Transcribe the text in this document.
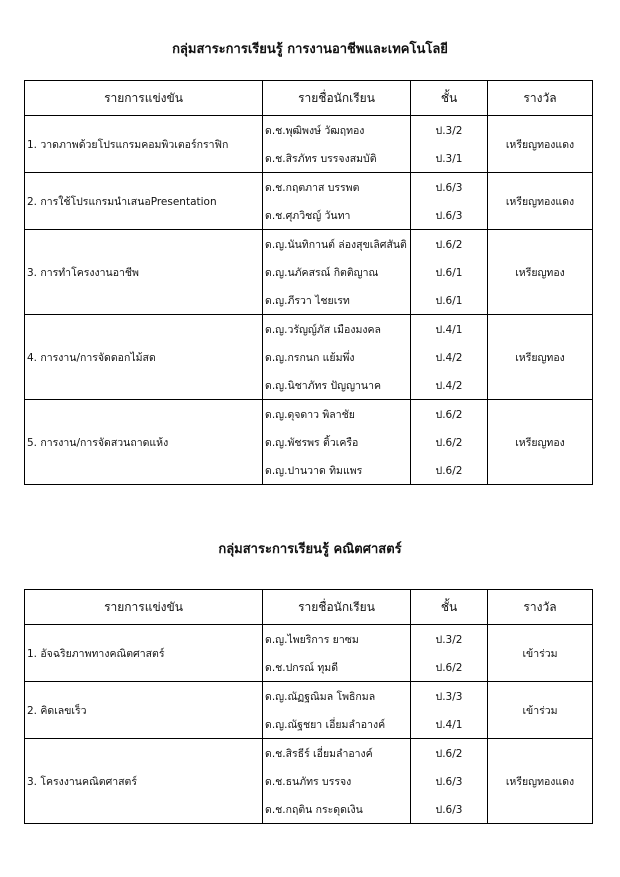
กลุ่มสาระการเรียนรู้ การงานอาชีพและเทคโนโลยี
รายการแข่งขัน	รายชื่อนักเรียน	ชั้น	รางวัล
1. วาดภาพด้วยโปรแกรมคอมพิวเตอร์กราฟิก	ด.ช.พุฒิพงษ์ วัฒฤทอง	ป.3/2	เหรียญทองแดง
	ด.ช.สิรภัทร บรรจงสมบัติ	ป.3/1	
2. การใช้โปรแกรมนำเสนอPresentation	ด.ช.กฤตภาส บรรพต	ป.6/3	เหรียญทองแดง
	ด.ช.ศุภวิชญ์ วันทา	ป.6/3	
3. การทำโครงงานอาชีพ	ด.ญ.นันทิกานต์ ล่องสุขเลิศสันติ	ป.6/2	เหรียญทอง
	ด.ญ.นภัคสรณ์ กิตติญาณ	ป.6/1	
	ด.ญ.ภีรวา ไชยเรท	ป.6/1	
4. การงาน/การจัดดอกไม้สด	ด.ญ.วรัญญ์ภัส เมืองมงคล	ป.4/1	เหรียญทอง
	ด.ญ.กรกนก แย้มพึ่ง	ป.4/2	
	ด.ญ.นิชาภัทร ปัญญานาค	ป.4/2	
5. การงาน/การจัดสวนถาดแห้ง	ด.ญ.ดุจดาว พิลาชัย	ป.6/2	เหรียญทอง
	ด.ญ.พัชรพร ติ้วเครือ	ป.6/2	
	ด.ญ.ปานวาด ทิมแพร	ป.6/2	
กลุ่มสาระการเรียนรู้ คณิตศาสตร์
รายการแข่งขัน	รายชื่อนักเรียน	ชั้น	รางวัล
1. อัจฉริยภาพทางคณิตศาสตร์	ด.ญ.ไพยริการ ยาซม	ป.3/2	เข้าร่วม
	ด.ช.ปกรณ์ ทุมดี	ป.6/2	
2. คิดเลขเร็ว	ด.ญ.ณัฏฐณิมล โพธิกมล	ป.3/3	เข้าร่วม
	ด.ญ.ณัฐชยา เอี่ยมลำอางค์	ป.4/1	
3. โครงงานคณิตศาสตร์	ด.ช.สิรธีร์ เอี่ยมลำอางค์	ป.6/2	เหรียญทองแดง
	ด.ช.ธนภัทร บรรจง	ป.6/3	
	ด.ช.กฤติน กระดุดเงิน	ป.6/3	
